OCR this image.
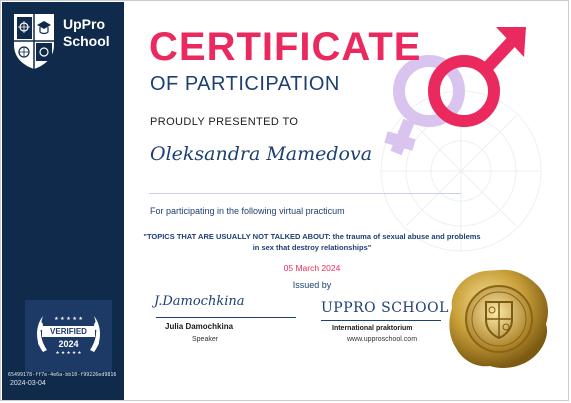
UpPro
School
★ ★ ★ ★ ★
★ ★ ★ ★ ★
VERIFIED
2024
65499178-ff7e-4e6a-bb10-f99226ed9816
2024-03-04
CERTIFICATE
OF PARTICIPATION
PROUDLY PRESENTED TO
Oleksandra Mamedova
For participating in the following virtual practicum
"TOPICS THAT ARE USUALLY NOT TALKED ABOUT: the trauma of sexual abuse and problems in sex that destroy relationships"
05 March 2024
Issued by
J.Damochkina
Julia Damochkina
Speaker
UPPRO SCHOOL
International praktorium
www.upproschool.com
